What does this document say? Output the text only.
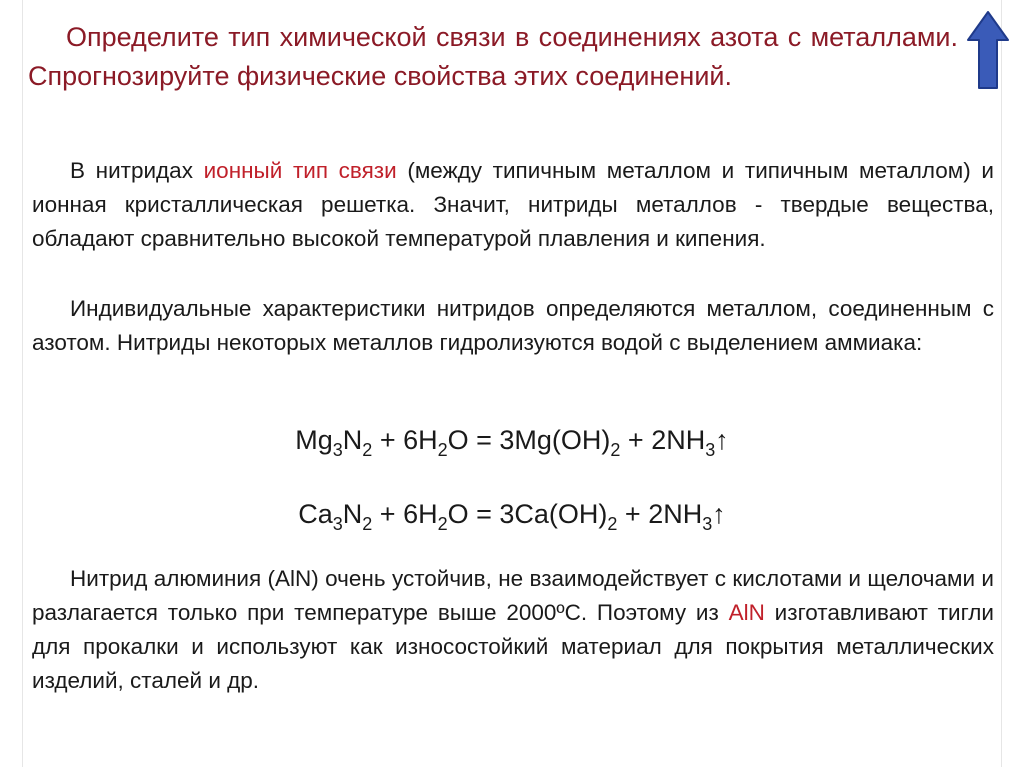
Определите тип химической связи в соединениях азота с металлами. Спрогнозируйте физические свойства этих соединений.

В нитридах ионный тип связи (между типичным металлом и типичным металлом) и ионная кристаллическая решетка. Значит, нитриды металлов - твердые вещества, обладают сравнительно высокой температурой плавления и кипения.

Индивидуальные характеристики нитридов определяются металлом, соединенным с азотом. Нитриды некоторых металлов гидролизуются водой с выделением аммиака:

$Mg_3N_2 + 6H_2O = 3Mg(OH)_2$ + $2NH_3↑$
$Ca_3N_2 + 6H_2O = 3Ca(OH)_2$ + $2NH_3↑$

Нитрид алюминия (AlN) очень устойчив, не взаимодействует с кислотами и щелочами и разлагается только при температуре выше 2000ºС. Поэтому из AlN изготавливают тигли для прокалки и используют как износостойкий материал для покрытия металлических изделий, сталей и др.
